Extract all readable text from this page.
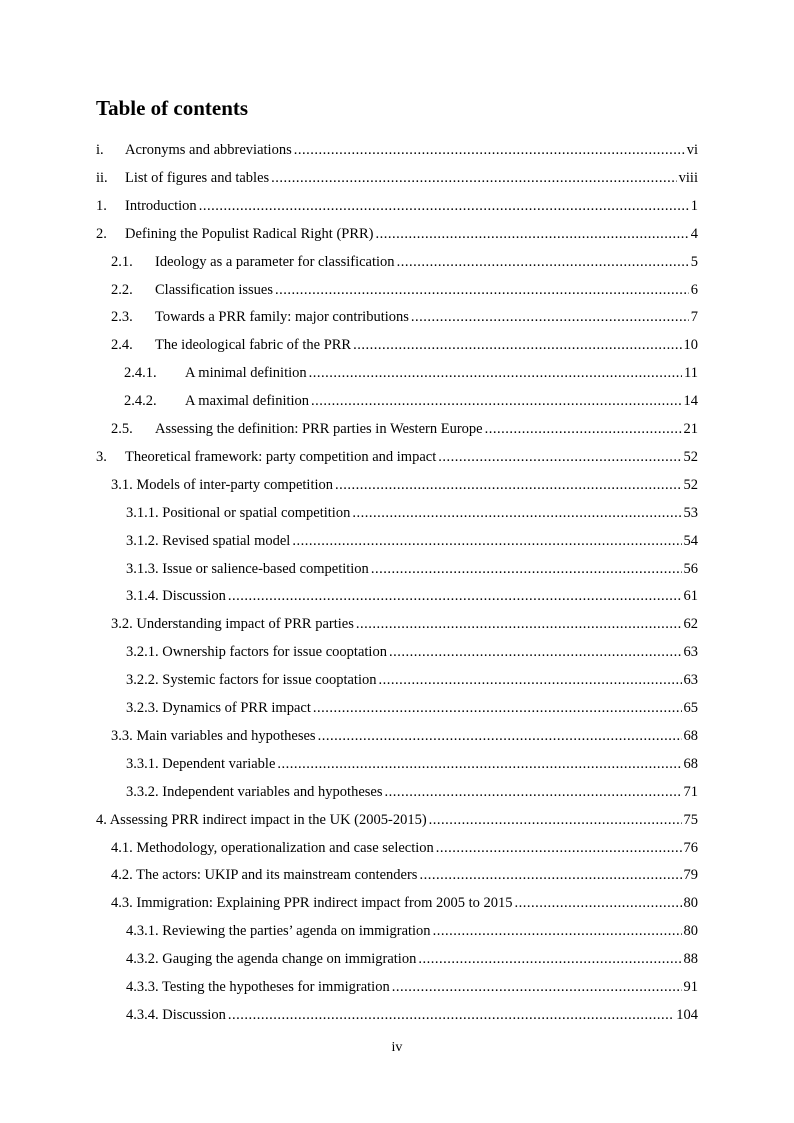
Table of contents
i.	Acronyms and abbreviations .....	vi
ii.	List of figures and tables .....	viii
1.	Introduction .....	1
2.	Defining the Populist Radical Right (PRR) .....	4
2.1.	Ideology as a parameter for classification .....	5
2.2.	Classification issues .....	6
2.3.	Towards a PRR family: major contributions .....	7
2.4.	The ideological fabric of the PRR .....	10
2.4.1.	A minimal definition .....	11
2.4.2.	A maximal definition .....	14
2.5.	Assessing the definition: PRR parties in Western Europe .....	21
3.	Theoretical framework: party competition and impact .....	52
3.1. Models of inter-party competition .....	52
3.1.1. Positional or spatial competition .....	53
3.1.2. Revised spatial model .....	54
3.1.3. Issue or salience-based competition .....	56
3.1.4. Discussion .....	61
3.2. Understanding impact of PRR parties .....	62
3.2.1. Ownership factors for issue cooptation .....	63
3.2.2. Systemic factors for issue cooptation .....	63
3.2.3. Dynamics of PRR impact .....	65
3.3. Main variables and hypotheses .....	68
3.3.1. Dependent variable .....	68
3.3.2. Independent variables and hypotheses .....	71
4. Assessing PRR indirect impact in the UK (2005-2015) .....	75
4.1. Methodology, operationalization and case selection .....	76
4.2. The actors: UKIP and its mainstream contenders .....	79
4.3. Immigration: Explaining PPR indirect impact from 2005 to 2015 .....	80
4.3.1. Reviewing the parties’ agenda on immigration .....	80
4.3.2. Gauging the agenda change on immigration .....	88
4.3.3. Testing the hypotheses for immigration .....	91
4.3.4. Discussion .....	104
iv
